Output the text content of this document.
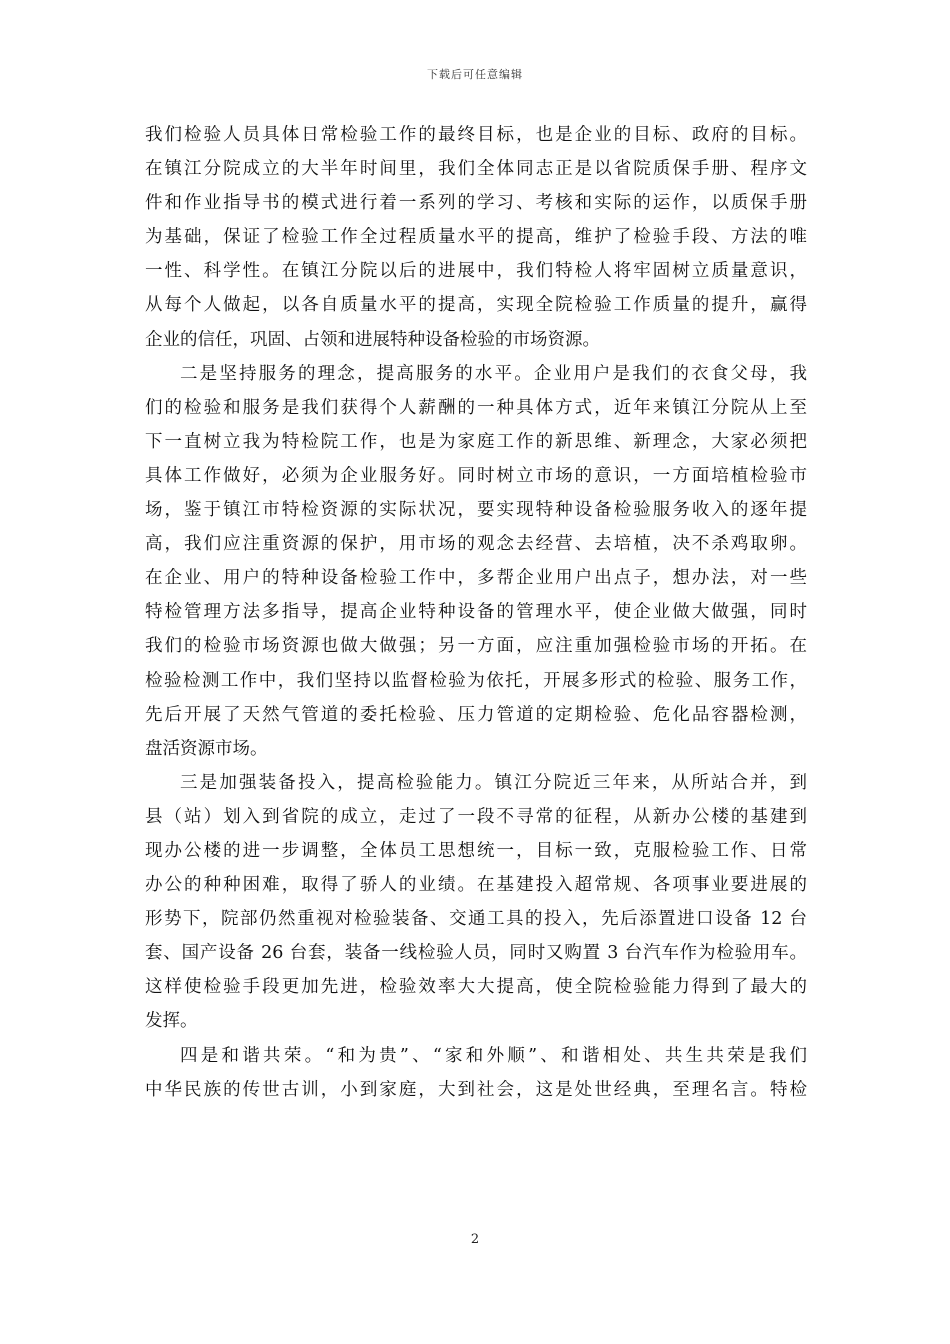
下载后可任意编辑
我们检验人员具体日常检验工作的最终目标，也是企业的目标、政府的目标。
在镇江分院成立的大半年时间里，我们全体同志正是以省院质保手册、程序文
件和作业指导书的模式进行着一系列的学习、考核和实际的运作，以质保手册
为基础，保证了检验工作全过程质量水平的提高，维护了检验手段、方法的唯
一性、科学性。在镇江分院以后的进展中，我们特检人将牢固树立质量意识，
从每个人做起，以各自质量水平的提高，实现全院检验工作质量的提升，赢得
企业的信任，巩固、占领和进展特种设备检验的市场资源。
二是坚持服务的理念，提高服务的水平。企业用户是我们的衣食父母，我
们的检验和服务是我们获得个人薪酬的一种具体方式，近年来镇江分院从上至
下一直树立我为特检院工作，也是为家庭工作的新思维、新理念，大家必须把
具体工作做好，必须为企业服务好。同时树立市场的意识，一方面培植检验市
场，鉴于镇江市特检资源的实际状况，要实现特种设备检验服务收入的逐年提
高，我们应注重资源的保护，用市场的观念去经营、去培植，决不杀鸡取卵。
在企业、用户的特种设备检验工作中，多帮企业用户出点子，想办法，对一些
特检管理方法多指导，提高企业特种设备的管理水平，使企业做大做强，同时
我们的检验市场资源也做大做强；另一方面，应注重加强检验市场的开拓。在
检验检测工作中，我们坚持以监督检验为依托，开展多形式的检验、服务工作，
先后开展了天然气管道的委托检验、压力管道的定期检验、危化品容器检测，
盘活资源市场。
三是加强装备投入，提高检验能力。镇江分院近三年来，从所站合并，到
县（站）划入到省院的成立，走过了一段不寻常的征程，从新办公楼的基建到
现办公楼的进一步调整，全体员工思想统一，目标一致，克服检验工作、日常
办公的种种困难，取得了骄人的业绩。在基建投入超常规、各项事业要进展的
形势下，院部仍然重视对检验装备、交通工具的投入，先后添置进口设备 12 台
套、国产设备 26 台套，装备一线检验人员，同时又购置 3 台汽车作为检验用车。
这样使检验手段更加先进，检验效率大大提高，使全院检验能力得到了最大的
发挥。
四是和谐共荣。“和为贵”、“家和外顺”、和谐相处、共生共荣是我们
中华民族的传世古训，小到家庭，大到社会，这是处世经典，至理名言。特检
2
